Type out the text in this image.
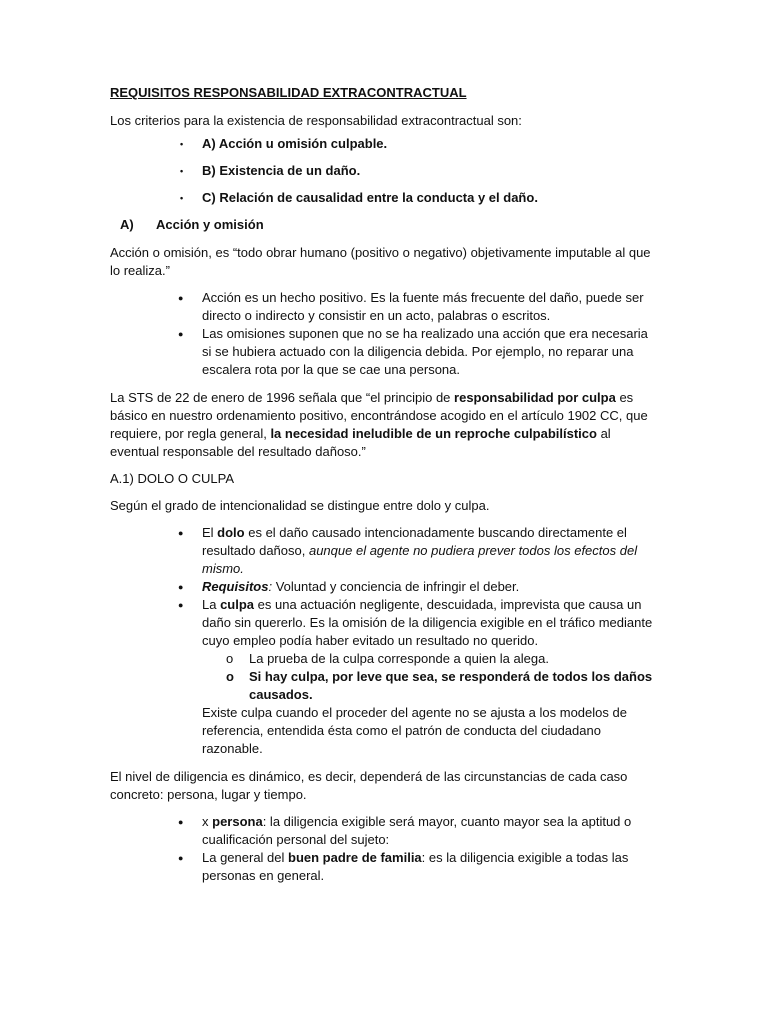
REQUISITOS RESPONSABILIDAD EXTRACONTRACTUAL

Los criterios para la existencia de responsabilidad extracontractual son:

• A) Acción u omisión culpable.
• B) Existencia de un daño.
• C) Relación de causalidad entre la conducta y el daño.
A) Acción y omisión

Acción o omisión, es “todo obrar humano (positivo o negativo) objetivamente imputable al que lo realiza.”

● Acción es un hecho positivo. Es la fuente más frecuente del daño, puede ser directo o indirecto y consistir en un acto, palabras o escritos.
● Las omisiones suponen que no se ha realizado una acción que era necesaria si se hubiera actuado con la diligencia debida. Por ejemplo, no reparar una escalera rota por la que se cae una persona.

La STS de 22 de enero de 1996 señala que “el principio de responsabilidad por culpa es básico en nuestro ordenamiento positivo, encontrándose acogido en el artículo 1902 CC, que requiere, por regla general, la necesidad ineludible de un reproche culpabilístico al eventual responsable del resultado dañoso.”

A.1) DOLO O CULPA

Según el grado de intencionalidad se distingue entre dolo y culpa.

● El dolo es el daño causado intencionadamente buscando directamente el resultado dañoso, aunque el agente no pudiera prever todos los efectos del mismo.
● Requisitos: Voluntad y conciencia de infringir el deber.
● La culpa es una actuación negligente, descuidada, imprevista que causa un daño sin quererlo. Es la omisión de la diligencia exigible en el tráfico mediante cuyo empleo podía haber evitado un resultado no querido.
o La prueba de la culpa corresponde a quien la alega.
o Si hay culpa, por leve que sea, se responderá de todos los daños causados.

Existe culpa cuando el proceder del agente no se ajusta a los modelos de referencia, entendida ésta como el patrón de conducta del ciudadano razonable.

El nivel de diligencia es dinámico, es decir, dependerá de las circunstancias de cada caso concreto: persona, lugar y tiempo.

● x persona: la diligencia exigible será mayor, cuanto mayor sea la aptitud o cualificación personal del sujeto:
● La general del buen padre de familia: es la diligencia exigible a todas las personas en general.
